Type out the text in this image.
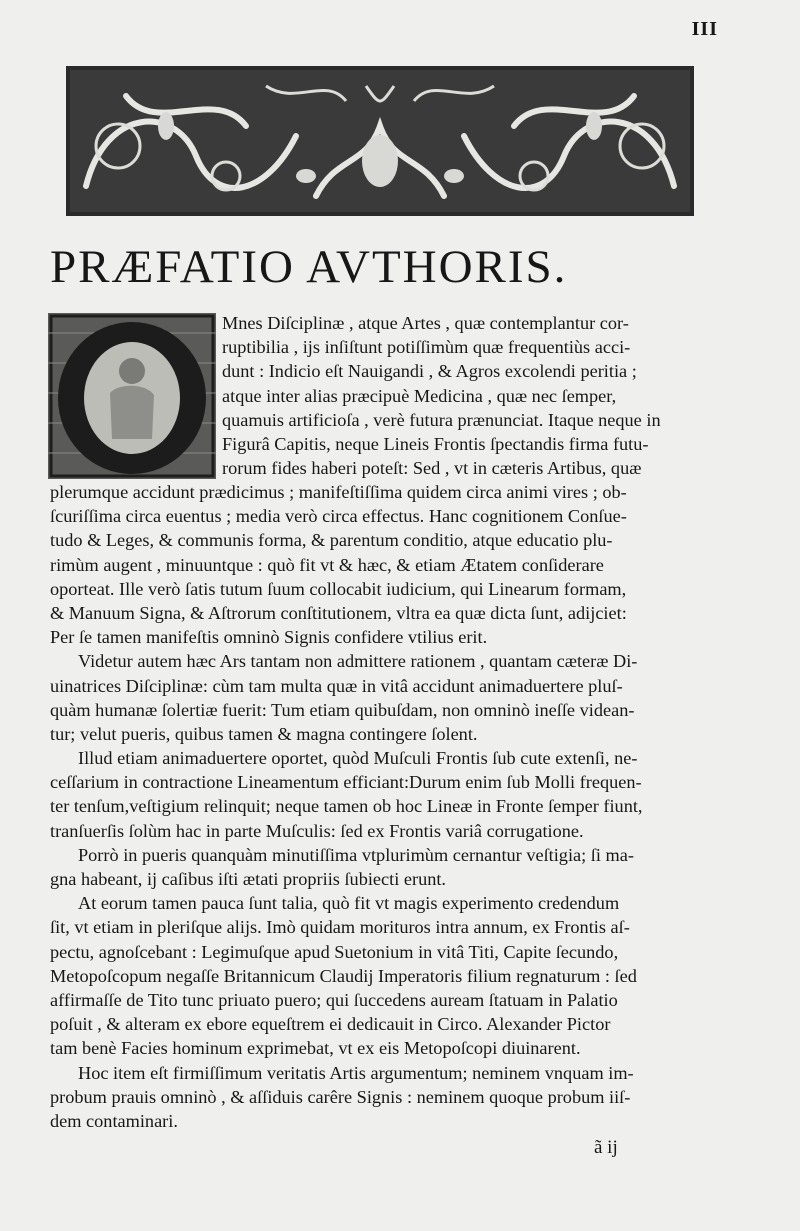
III
PRÆFATIO AVTHORIS.
Mnes Diſciplinæ , atque Artes , quæ contemplantur cor-
ruptibilia , ijs inſiſtunt potiſſimùm quæ frequentiùs acci-
dunt : Indicio eſt Nauigandi , & Agros excolendi peritia ;
atque inter alias præcipuè Medicina , quæ nec ſemper,
quamuis artificioſa , verè futura prænunciat. Itaque neque in
Figurâ Capitis, neque Lineis Frontis ſpectandis firma futu-
rorum fides haberi poteſt: Sed , vt in cæteris Artibus, quæ
plerumque accidunt prædicimus ; manifeſtiſſima quidem circa animi vires ; ob-
ſcuriſſima circa euentus ; media verò circa effectus. Hanc cognitionem Conſue-
tudo & Leges, & communis forma, & parentum conditio, atque educatio plu-
rimùm augent , minuuntque : quò fit vt & hæc, & etiam Ætatem conſiderare
oporteat. Ille verò ſatis tutum ſuum collocabit iudicium, qui Linearum formam,
& Manuum Signa, & Aſtrorum conſtitutionem, vltra ea quæ dicta ſunt, adijciet:
Per ſe tamen manifeſtis omninò Signis confidere vtilius erit.
Videtur autem hæc Ars tantam non admittere rationem , quantam cæteræ Di-
uinatrices Diſciplinæ: cùm tam multa quæ in vitâ accidunt animaduertere pluſ-
quàm humanæ ſolertiæ fuerit: Tum etiam quibuſdam, non omninò ineſſe videan-
tur; velut pueris, quibus tamen & magna contingere ſolent.
Illud etiam animaduertere oportet, quòd Muſculi Frontis ſub cute extenſi, ne-
ceſſarium in contractione Lineamentum efficiant:Durum enim ſub Molli frequen-
ter tenſum,veſtigium relinquit; neque tamen ob hoc Lineæ in Fronte ſemper fiunt,
tranſuerſis ſolùm hac in parte Muſculis: ſed ex Frontis variâ corrugatione.
Porrò in pueris quanquàm minutiſſima vtplurimùm cernantur veſtigia; ſi ma-
gna habeant, ij caſibus iſti ætati propriis ſubiecti erunt.
At eorum tamen pauca ſunt talia, quò fit vt magis experimento credendum
ſit, vt etiam in pleriſque alijs. Imò quidam morituros intra annum, ex Frontis aſ-
pectu, agnoſcebant : Legimuſque apud Suetonium in vitâ Titi, Capite ſecundo,
Metopoſcopum negaſſe Britannicum Claudij Imperatoris filium regnaturum : ſed
affirmaſſe de Tito tunc priuato puero; qui ſuccedens auream ſtatuam in Palatio
poſuit , & alteram ex ebore equeſtrem ei dedicauit in Circo. Alexander Pictor
tam benè Facies hominum exprimebat, vt ex eis Metopoſcopi diuinarent.
Hoc item eſt firmiſſimum veritatis Artis argumentum; neminem vnquam im-
probum prauis omninò , & aſſiduis carêre Signis : neminem quoque probum iiſ-
dem contaminari.
ã ij
